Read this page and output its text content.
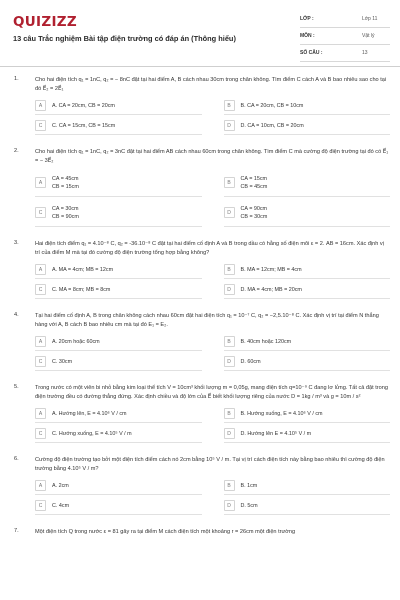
QUIZIZZ
13 câu Trắc nghiệm Bài tập điện trường có đáp án (Thông hiểu)
LỚP :	Lớp 11
MÔN :	Vật lý
SỐ CÂU :	13
1.	Cho hai điện tích q₁ = 1nC, q₂ = − 8nC đặt tại hai điểm A, B cách nhau 30cm trong chân không. Tìm điểm C cách A và B bao nhiêu sao cho tại đó E⃗₂ = 2E⃗₁
A	A. CA = 20cm, CB = 20cm	B	B. CA = 20cm, CB = 10cm
C	C. CA = 15cm, CB = 15cm	D	D. CA = 10cm, CB = 20cm
2.	Cho hai điện tích q₁ = 1nC, q₂ = 3nC đặt tại hai điểm AB cách nhau 60cm trong chân không. Tìm điểm C mà cường độ điện trường tại đó có E⃗₁ = − 3E⃗₂
A
CA = 45cm
CB = 15cm
B
CA = 15cm
CB = 45cm
C
CA = 30cm
CB = 90cm
D
CA = 90cm
CB = 30cm
3.	Hai điện tích điểm q₁ = 4.10⁻⁸ C, q₂ = -36.10⁻⁸ C đặt tại hai điểm cố định A và B trong dầu có hằng số điện môi ε = 2. AB = 16cm. Xác định vị trí của điểm M mà tại đó cường độ điện trường tổng hợp bằng không?
A	A. MA = 4cm; MB = 12cm	B	B. MA = 12cm; MB = 4cm
C	C. MA = 8cm; MB = 8cm	D	D. MA = 4cm; MB = 20cm
4.	Tại hai điểm cố định A, B trong chân không cách nhau 60cm đặt hai điện tích q₁ = 10⁻⁷ C, q₂ = −2,5.10⁻⁸ C. Xác định vị trí tại điểm N thẳng hàng với A, B cách B bao nhiêu cm mà tại đó E₁ = E₂.
A	A. 20cm hoặc 60cm	B	B. 40cm hoặc 120cm
C	C. 30cm	D	D. 60cm
5.	Trong nước có một viên bi nhỏ bằng kim loại thể tích V = 10cm³ khối lượng m = 0,05g, mang điện tích q=10⁻⁹ C đang lơ lửng. Tất cả đặt trong điện trường đều có đường thẳng đứng. Xác định chiều và độ lớn của E⃗ biết khối lượng riêng của nước D = 1kg / m³ và g = 10m / s²
A	A. Hướng lên, E = 4.10⁶ V / cm	B	B. Hướng xuống, E = 4.10⁶ V / cm
C	C. Hướng xuống, E = 4.10⁵ V / m	D	D. Hướng lên E = 4.10⁵ V / m
6.	Cường độ điện trường tạo bởi một điện tích điểm cách nó 2cm bằng 10⁵ V / m. Tại vị trí cách điện tích này bằng bao nhiêu thì cường độ điện trường bằng 4.10⁵ V / m?
A	A. 2cm	B	B. 1cm
C	C. 4cm	D	D. 5cm
7.	Một điện tích Q trong nước ε = 81 gây ra tại điểm M cách điện tích một khoảng r = 26cm một điện trường
